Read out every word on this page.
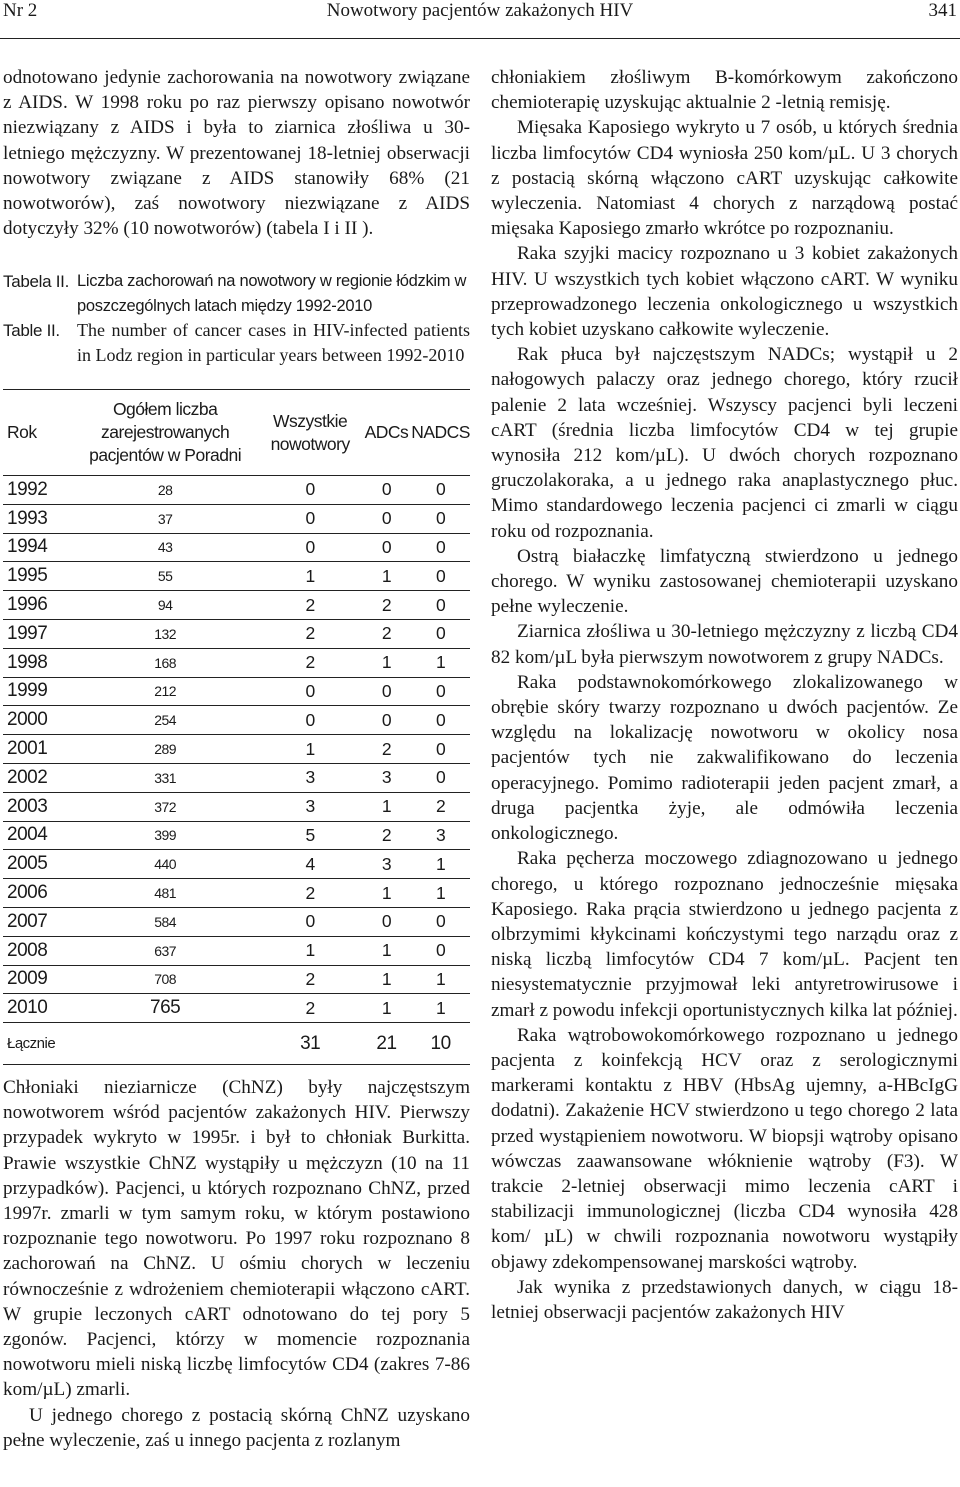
Nr 2	Nowotwory pacjentów zakażonych HIV	341

odnotowano jedynie zachorowania na nowotwory związane z AIDS. W 1998 roku po raz pierwszy opisano nowotwór niezwiązany z AIDS i była to ziarnica złośliwa u 30- letniego mężczyzny. W prezentowanej 18-letniej obserwacji nowotwory związane z AIDS stanowiły 68% (21 nowotworów), zaś nowotwory niezwiązane z AIDS dotyczyły 32% (10 nowotworów) (tabela I i II ).

Tabela II. Liczba zachorowań na nowotwory w regionie łódzkim w poszczególnych latach między 1992-2010
Table II. The number of cancer cases in HIV-infected patients in Lodz region in particular years between 1992-2010
Rok	Ogółem liczba zarejestrowanych pacjentów w Poradni	Wszystkie nowotwory	ADCs	NADCS
1992	28	0	0	0
1993	37	0	0	0
1994	43	0	0	0
1995	55	1	1	0
1996	94	2	2	0
1997	132	2	2	0
1998	168	2	1	1
1999	212	0	0	0
2000	254	0	0	0
2001	289	1	2	0
2002	331	3	3	0
2003	372	3	1	2
2004	399	5	2	3
2005	440	4	3	1
2006	481	2	1	1
2007	584	0	0	0
2008	637	1	1	0
2009	708	2	1	1
2010	765	2	1	1
Łącznie		31	21	10

Chłoniaki nieziarnicze (ChNZ) były najczęstszym nowotworem wśród pacjentów zakażonych HIV. Pierwszy przypadek wykryto w 1995r. i był to chłoniak Burkitta. Prawie wszystkie ChNZ wystąpiły u mężczyzn (10 na 11 przypadków). Pacjenci, u których rozpoznano ChNZ, przed 1997r. zmarli w tym samym roku, w którym postawiono rozpoznanie tego nowotworu. Po 1997 roku rozpoznano 8 zachorowań na ChNZ. U ośmiu chorych w leczeniu równocześnie z wdrożeniem chemioterapii włączono cART. W grupie leczonych cART odnotowano do tej pory 5 zgonów. Pacjenci, którzy w momencie rozpoznania nowotworu mieli niską liczbę limfocytów CD4 (zakres 7-86 kom/µL) zmarli.

U jednego chorego z postacią skórną ChNZ uzyskano pełne wyleczenie, zaś u innego pacjenta z rozlanym

chłoniakiem złośliwym B-komórkowym zakończono chemioterapię uzyskując aktualnie 2 -letnią remisję.

Mięsaka Kaposiego wykryto u 7 osób, u których średnia liczba limfocytów CD4 wyniosła 250 kom/µL. U 3 chorych z postacią skórną włączono cART uzyskując całkowite wyleczenia. Natomiast 4 chorych z narządową postać mięsaka Kaposiego zmarło wkrótce po rozpoznaniu.

Raka szyjki macicy rozpoznano u 3 kobiet zakażonych HIV. U wszystkich tych kobiet włączono cART. W wyniku przeprowadzonego leczenia onkologicznego u wszystkich tych kobiet uzyskano całkowite wyleczenie.

Rak płuca był najczęstszym NADCs; wystąpił u 2 nałogowych palaczy oraz jednego chorego, który rzucił palenie 2 lata wcześniej. Wszyscy pacjenci byli leczeni cART (średnia liczba limfocytów CD4 w tej grupie wynosiła 212 kom/µL). U dwóch chorych rozpoznano gruczolakoraka, a u jednego raka anaplastycznego płuc. Mimo standardowego leczenia pacjenci ci zmarli w ciągu roku od rozpoznania.

Ostrą białaczkę limfatyczną stwierdzono u jednego chorego. W wyniku zastosowanej chemioterapii uzyskano pełne wyleczenie.

Ziarnica złośliwa u 30-letniego mężczyzny z liczbą CD4 82 kom/µL była pierwszym nowotworem z grupy NADCs.

Raka podstawnokomórkowego zlokalizowanego w obrębie skóry twarzy rozpoznano u dwóch pacjentów. Ze względu na lokalizację nowotworu w okolicy nosa pacjentów tych nie zakwalifikowano do leczenia operacyjnego. Pomimo radioterapii jeden pacjent zmarł, a druga pacjentka żyje, ale odmówiła leczenia onkologicznego.

Raka pęcherza moczowego zdiagnozowano u jednego chorego, u którego rozpoznano jednocześnie mięsaka Kaposiego. Raka prącia stwierdzono u jednego pacjenta z olbrzymimi kłykcinami kończystymi tego narządu oraz z niską liczbą limfocytów CD4 7 kom/µL. Pacjent ten niesystematycznie przyjmował leki antyretrowirusowe i zmarł z powodu infekcji oportunistycznych kilka lat później.

Raka wątrobowokomórkowego rozpoznano u jednego pacjenta z koinfekcją HCV oraz z serologicznymi markerami kontaktu z HBV (HbsAg ujemny, a-HBcIgG dodatni). Zakażenie HCV stwierdzono u tego chorego 2 lata przed wystąpieniem nowotworu. W biopsji wątroby opisano wówczas zaawansowane włóknienie wątroby (F3). W trakcie 2-letniej obserwacji mimo leczenia cART i stabilizacji immunologicznej (liczba CD4 wynosiła 428 kom/ µL) w chwili rozpoznania nowotworu wystąpiły objawy zdekompensowanej marskości wątroby.

Jak wynika z przedstawionych danych, w ciągu 18-letniej obserwacji pacjentów zakażonych HIV
